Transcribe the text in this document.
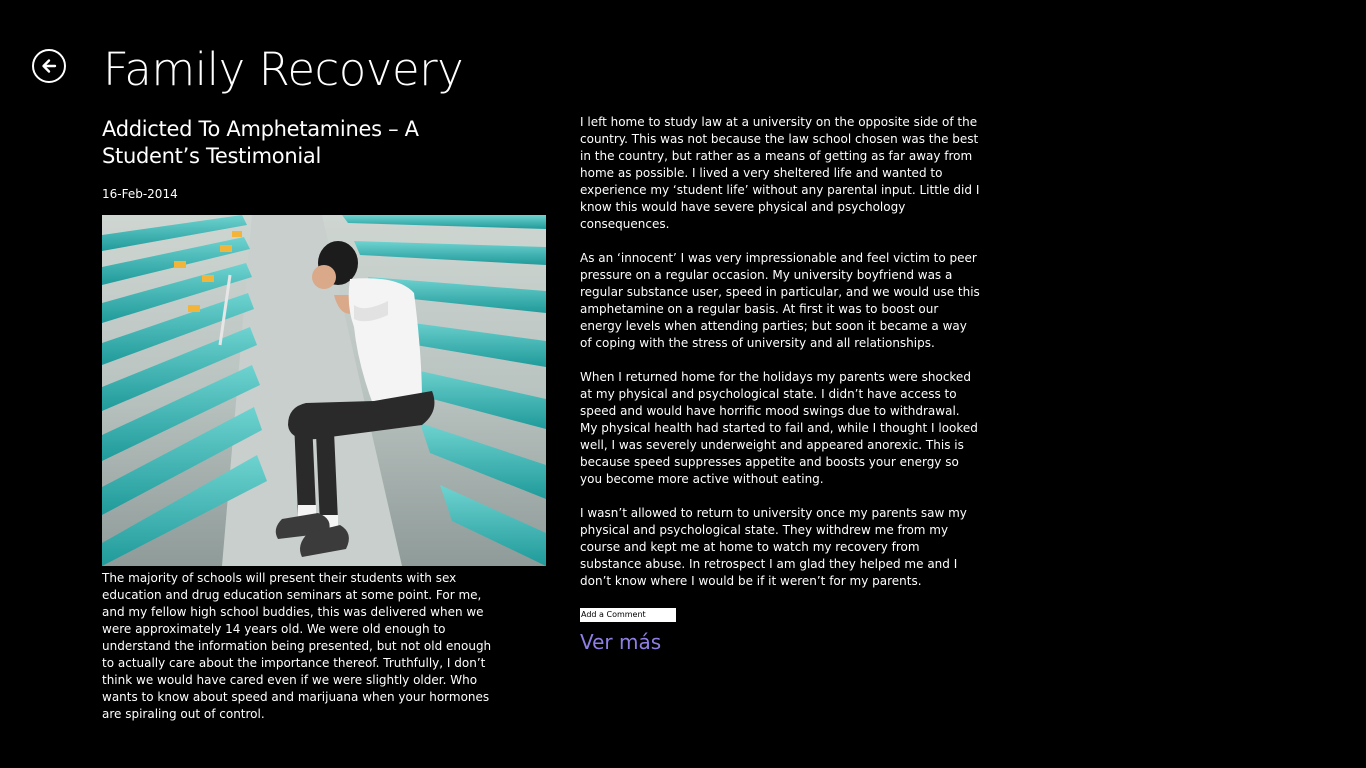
Family Recovery
Addicted To Amphetamines – A Student’s Testimonial
16-Feb-2014

The majority of schools will present their students with sex education and drug education seminars at some point. For me, and my fellow high school buddies, this was delivered when we were approximately 14 years old. We were old enough to understand the information being presented, but not old enough to actually care about the importance thereof. Truthfully, I don’t think we would have cared even if we were slightly older. Who wants to know about speed and marijuana when your hormones are spiraling out of control.

I left home to study law at a university on the opposite side of the country. This was not because the law school chosen was the best in the country, but rather as a means of getting as far away from home as possible. I lived a very sheltered life and wanted to experience my ‘student life’ without any parental input. Little did I know this would have severe physical and psychology consequences.

As an ‘innocent’ I was very impressionable and feel victim to peer pressure on a regular occasion. My university boyfriend was a regular substance user, speed in particular, and we would use this amphetamine on a regular basis. At first it was to boost our energy levels when attending parties; but soon it became a way of coping with the stress of university and all relationships.

When I returned home for the holidays my parents were shocked at my physical and psychological state. I didn’t have access to speed and would have horrific mood swings due to withdrawal. My physical health had started to fail and, while I thought I looked well, I was severely underweight and appeared anorexic. This is because speed suppresses appetite and boosts your energy so you become more active without eating.

I wasn’t allowed to return to university once my parents saw my physical and psychological state. They withdrew me from my course and kept me at home to watch my recovery from substance abuse. In retrospect I am glad they helped me and I don’t know where I would be if it weren’t for my parents.

Add a Comment
Ver más
